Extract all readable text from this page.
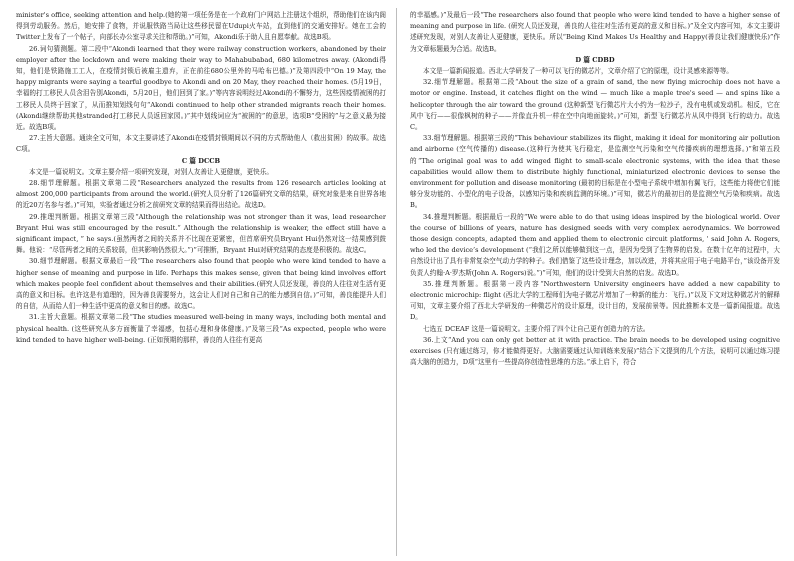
minister's office, seeking attention and help.(她的第一项任务是在一个政府门户网站上注册这个组织，帮助他们在该内阁得到劳动服务。然后，她安排了食物，并说服铁路当局让这些移民留在Udupi火车站，直到他们的交通安排好。她在工会的Twitter上发布了一个帖子，向部长办公室寻求关注和帮助。)”可知，Akondi乐于助人且自愿奉献。故选B项。

26.词句猜测题。第二段中“Akondi learned that they were railway construction workers, abandoned by their employer after the lockdown and were making their way to Mahabubabad, 680 kilometres away. (Akondi得知，他们是铁路施工工人，在疫情封锁后被雇主遗弃，正在前往680公里外的马哈布巴德。)”及第四段中“On 19 May, the happy migrants were saying a tearful goodbye to Akondi and on 20 May, they reached their homes. (5月19日，幸福的打工移民人员含泪告别Akondi，5月20日，他们回到了家。)”等内容说明经过Akondi的不懈努力，这些因疫情被困的打工移民人员终于回家了，从而推知划线句句“Akondi continued to help other stranded migrants reach their homes. (Akondi继续帮助其他stranded打工移民人员返回家园。)”其中划线词应为“被困的”的意思，选项B“受困的”与之意义最为接近。故选B项。

27.主旨大意题。通读全文可知，本文主要讲述了Akondi在疫情封锁期间以不同的方式帮助他人（救出贫困）的故事。故选C项。

C 篇 DCCB

本文是一篇说明文。文章主要介绍一项研究发现，对别人友善让人更健康，更快乐。

28.细节理解题。根据文章第二段“Researchers analyzed the results from 126 research articles looking at almost 200,000 participants from around the world.(研究人员分析了126篇研究文章的结果，研究对象是来自世界各地的近20万名参与者。)”可知，实验者通过分析之前研究文章的结果而得出结论。故选D。

29.推理判断题。根据文章第三段“Although the relationship was not stronger than it was, lead researcher Bryant Hui was still encouraged by the result.“ Although the relationship is weaker, the effect still have a significant impact, ” he says.(虽然两者之间的关系并不比现在更紧密，但首席研究员Bryant Hui仍然对这一结果感到鼓舞。他说：“尽管两者之间的关系较弱，但其影响仍然很大。”)”可推断，Bryant Hui对研究结果的态度是积极的。故选C。

30.细节理解题。根据文章最后一段“The researchers also found that people who were kind tended to have a higher sense of meaning and purpose in life. Perhaps this makes sense, given that being kind involves effort which makes people feel confident about themselves and their abilities.(研究人员还发现，善良的人往往对生活有更高的意义和目标。也许这是有道理的，因为善良需要努力，这会让人们对自己和自己的能力感到自信。)”可知，善良能提升人们的自信，从而给人们一种生活中更高的意义和目的感。故选C。

31.主旨大意题。根据文章第二段“The studies measured well-being in many ways, including both mental and physical health. (这些研究从多方面衡量了幸福感，包括心理和身体健康。)”及第三段“As expected, people who were kind tended to have higher well-being. (正如预期的那样，善良的人往往有更高

的幸福感。)”及最后一段“The researchers also found that people who were kind tended to have a higher sense of meaning and purpose in life. (研究人员还发现，善良的人往往对生活有更高的意义和目标。)”及全文内容可知，本文主要讲述研究发现，对别人友善让人更健康，更快乐。所以“Being Kind Makes Us Healthy and Happy(善良让我们健康快乐)”作为文章标题最为合适。故选B。

D 篇 CDBD

本文是一篇新闻报道。西北大学研发了一种可以飞行的微芯片，文章介绍了它的原理，设计灵感来源等等。

32.细节理解题。根据第二段“About the size of a grain of sand, the new flying microchip does not have a motor or engine. Instead, it catches flight on the wind — much like a maple tree's seed — and spins like a helicopter through the air toward the ground (这种新型飞行微芯片大小约为一粒沙子，没有电机或发动机。相反，它在风中飞行——很像枫树的种子——并像直升机一样在空中向地面旋转。)”可知，新型飞行微芯片从风中得到飞行的动力。故选C。

33.细节理解题。根据第三段的“This behaviour stabilizes its flight, making it ideal for monitoring air pollution and airborne (空气传播的) disease.(这种行为使其飞行稳定，是监测空气污染和空气传播疾病的理想选择。)”和第五段的“The original goal was to add winged flight to small-scale electronic systems, with the idea that these capabilities would allow them to distribute highly functional, miniaturized electronic devices to sense the environment for pollution and disease monitoring (最初的目标是在小型电子系统中增加有翼飞行，这些能力将使它们能够分发功能的、小型化的电子设备，以感知污染和疾病监测的环境。)”可知，微芯片的最初目的是监测空气污染和疾病。故选B。

34.推理判断题。根据最后一段的“We were able to do that using ideas inspired by the biological world. Over the course of billions of years, nature has designed seeds with very complex aerodynamics. We borrowed those design concepts, adapted them and applied them to electronic circuit platforms, ' said John A. Rogers, who led the device’s development (“我们之所以能够做到这一点，是因为受到了生物界的启发。在数十亿年的过程中，大自然设计出了具有非常复杂空气动力学的种子。我们借鉴了这些设计理念，加以改进，并将其应用于电子电路平台，”该设备开发负责人约翰·A·罗杰斯(John A. Rogers)说。”)”可知，他们的设计受到大自然的启发。故选D。

35.推理判断题。根据第一段内容“Northwestern University engineers have added a new capability to electronic microchip: flight (西北大学的工程师们为电子微芯片增加了一种新的能力：飞行。)”以及下文对这种微芯片的解释可知，文章主要介绍了西北大学研发的一种微芯片的设计原理，设计目的，发展前景等。因此推断本文是一篇新闻报道。故选D。

七选五 DCEAF 这是一篇说明文。主要介绍了四个让自己更有创造力的方法。

36.上文“And you can only get better at it with practice. The brain needs to be developed using cognitive exercises (只有通过练习，你才能做得更好。大脑需要通过认知训练来发展)”结合下文提到的几个方法，说明可以通过练习提高大脑的创造力，D项“这里有一些提高你创造性思维的方法。”承上启下，符合
